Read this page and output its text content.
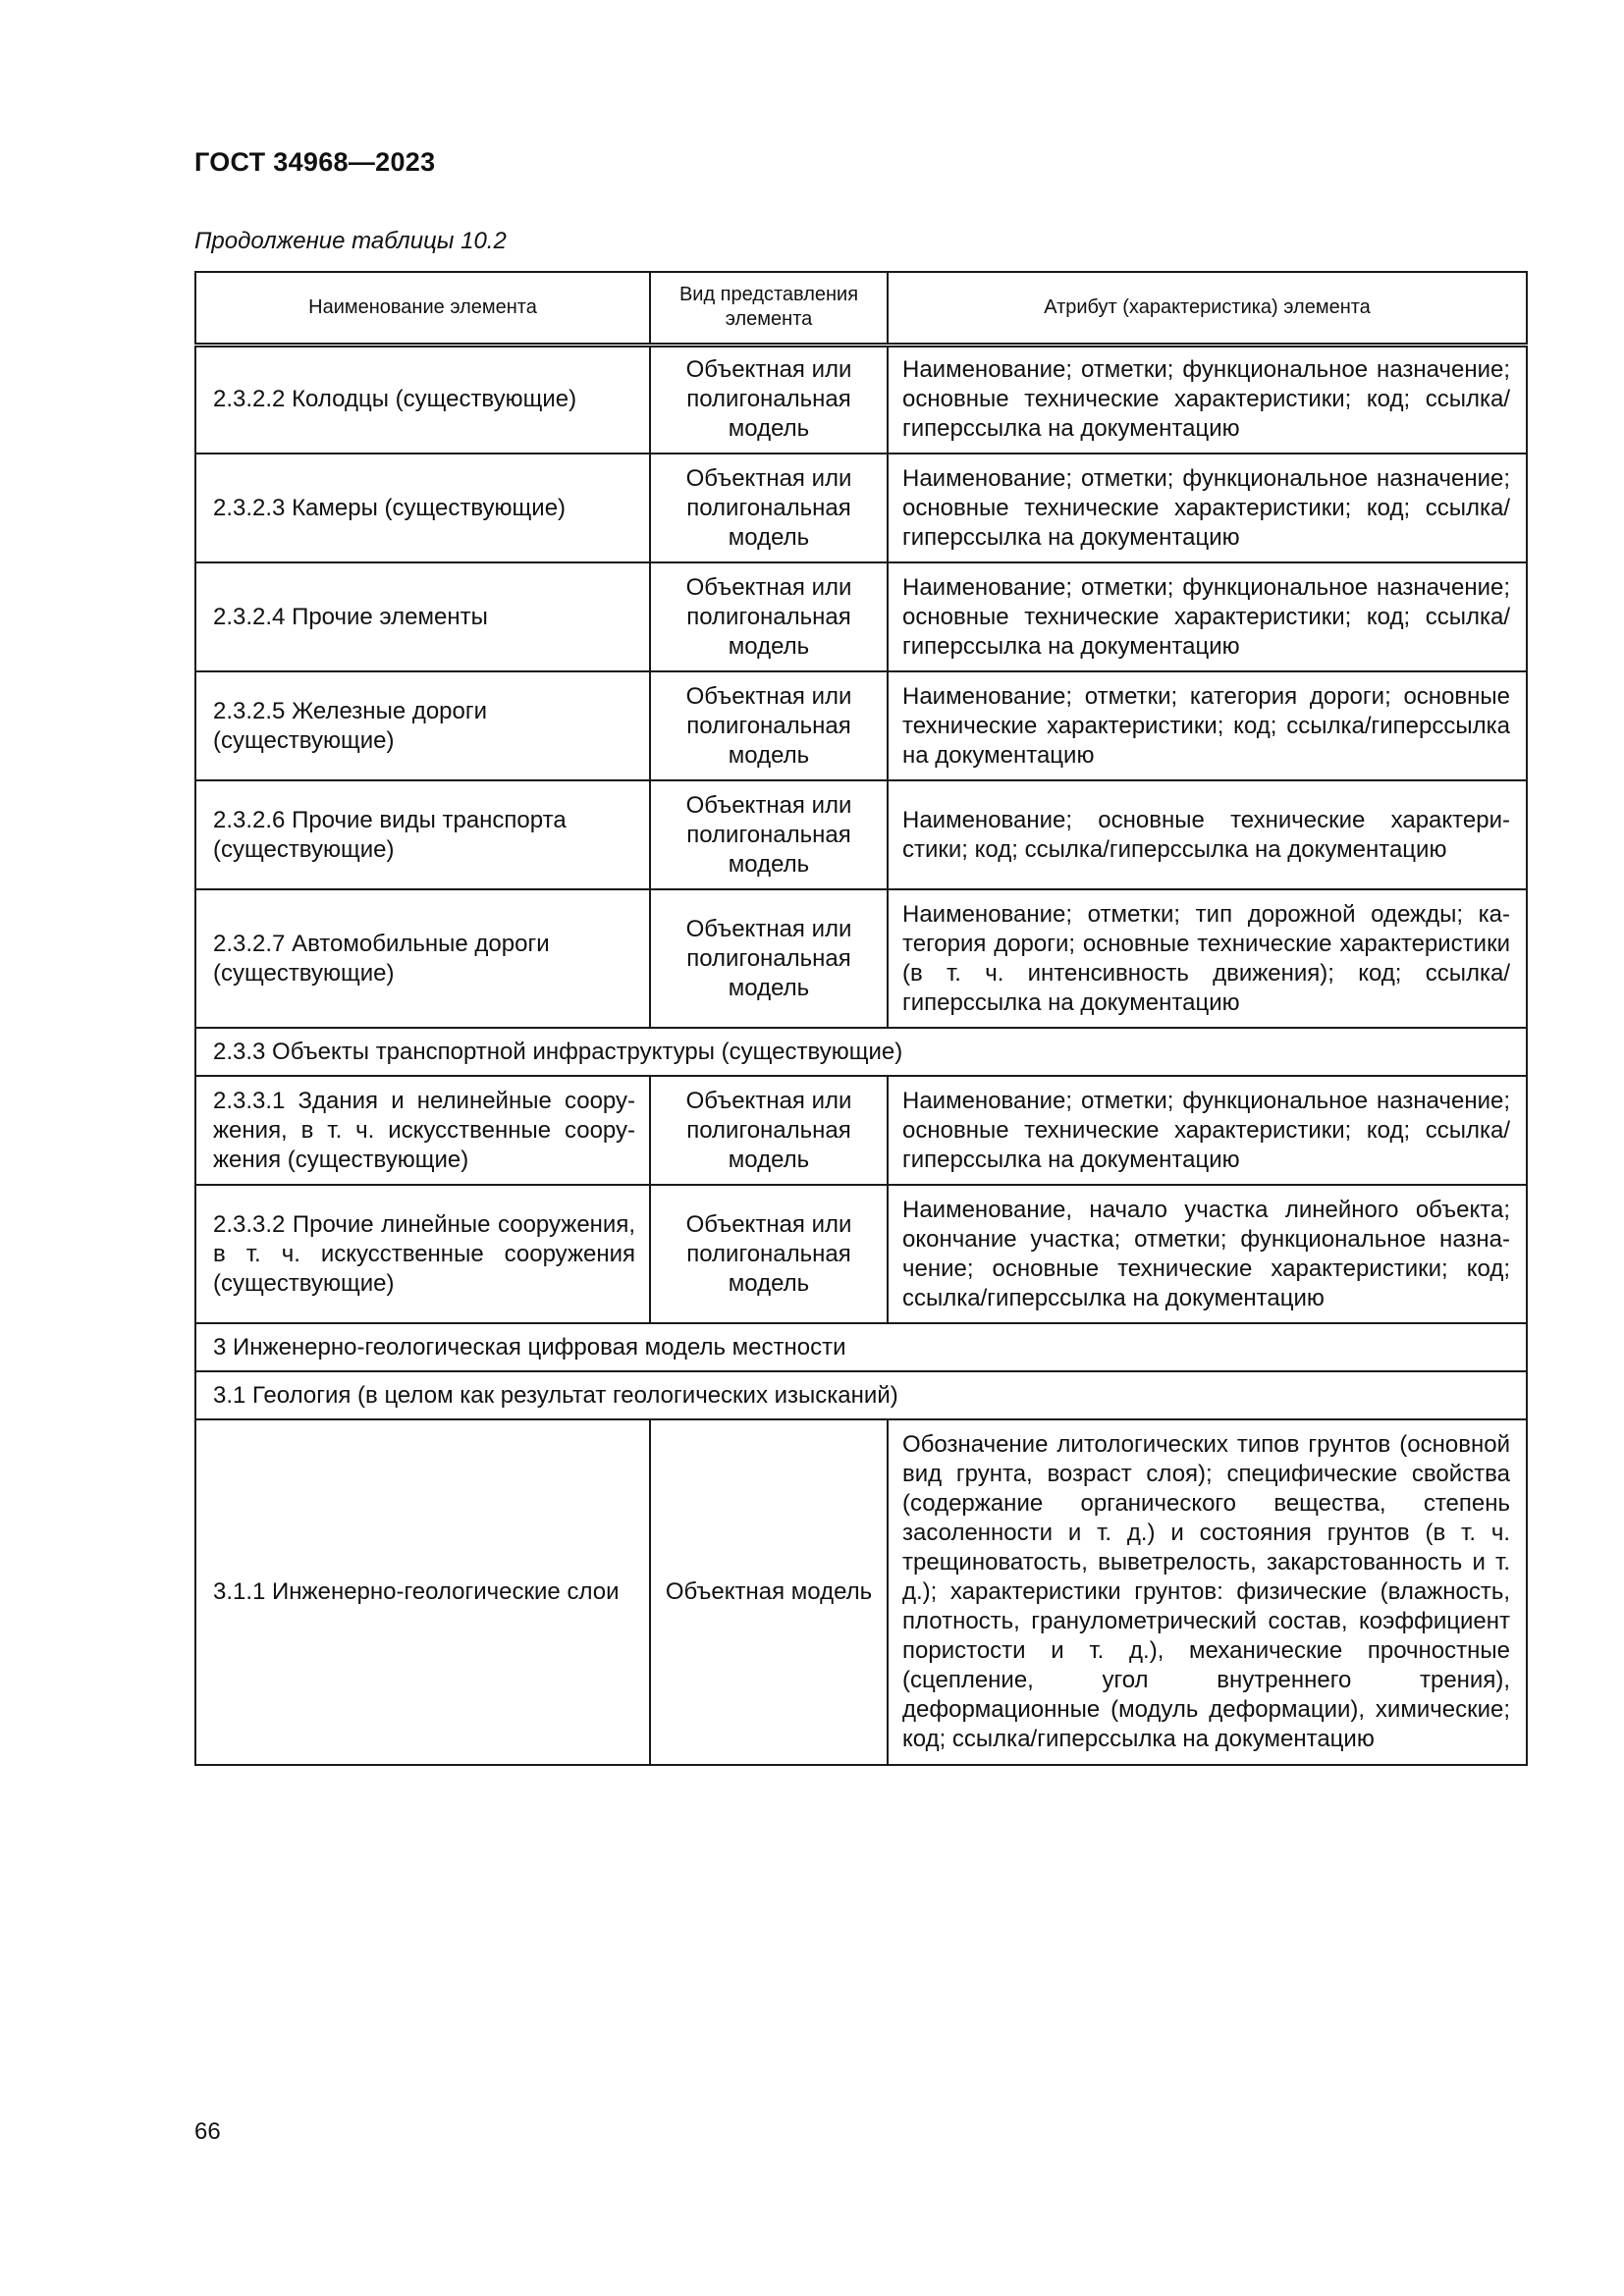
ГОСТ 34968—2023
Продолжение таблицы 10.2
Наименование элемента	Вид представления элемента	Атрибут (характеристика) элемента
2.3.2.2 Колодцы (существующие)	Объектная или полигональная модель	Наименование; отметки; функциональное назначение; основные технические характеристики; код; ссылка/гиперссылка на документацию
2.3.2.3 Камеры (существующие)	Объектная или полигональная модель	Наименование; отметки; функциональное назначение; основные технические характеристики; код; ссылка/гиперссылка на документацию
2.3.2.4 Прочие элементы	Объектная или полигональная модель	Наименование; отметки; функциональное назначение; основные технические характеристики; код; ссылка/гиперссылка на документацию
2.3.2.5 Железные дороги (существующие)	Объектная или полигональная модель	Наименование; отметки; категория дороги; основные технические характеристики; код; ссылка/гиперссылка на документацию
2.3.2.6 Прочие виды транспорта (существующие)	Объектная или полигональная модель	Наименование; основные технические характеристики; код; ссылка/гиперссылка на документацию
2.3.2.7 Автомобильные дороги (существующие)	Объектная или полигональная модель	Наименование; отметки; тип дорожной одежды; категория дороги; основные технические характеристики (в т. ч. интенсивность движения); код; ссылка/ гиперссылка на документацию
2.3.3 Объекты транспортной инфраструктуры (существующие)		
2.3.3.1 Здания и нелинейные сооружения, в т. ч. искусственные сооружения (существующие)	Объектная или полигональная модель	Наименование; отметки; функциональное назначение; основные технические характеристики; код; ссылка/гиперссылка на документацию
2.3.3.2 Прочие линейные сооружения, в т. ч. искусственные сооружения (существующие)	Объектная или полигональная модель	Наименование, начало участка линейного объекта; окончание участка; отметки; функциональное назначение; основные технические характеристики; код; ссылка/гиперссылка на документацию
3 Инженерно-геологическая цифровая модель местности		
3.1 Геология (в целом как результат геологических изысканий)		
3.1.1 Инженерно-геологические слои	Объектная модель	Обозначение литологических типов грунтов (основной вид грунта, возраст слоя); специфические свойства (содержание органического вещества, степень засоленности и т. д.) и состояния грунтов (в т. ч. трещиноватость, выветрелость, закарстованность и т. д.); характеристики грунтов: физические (влажность, плотность, гранулометрический состав, коэффициент пористости и т. д.), механические прочностные (сцепление, угол внутреннего трения), деформационные (модуль деформации), химические; код; ссылка/гиперссылка на документацию
66
